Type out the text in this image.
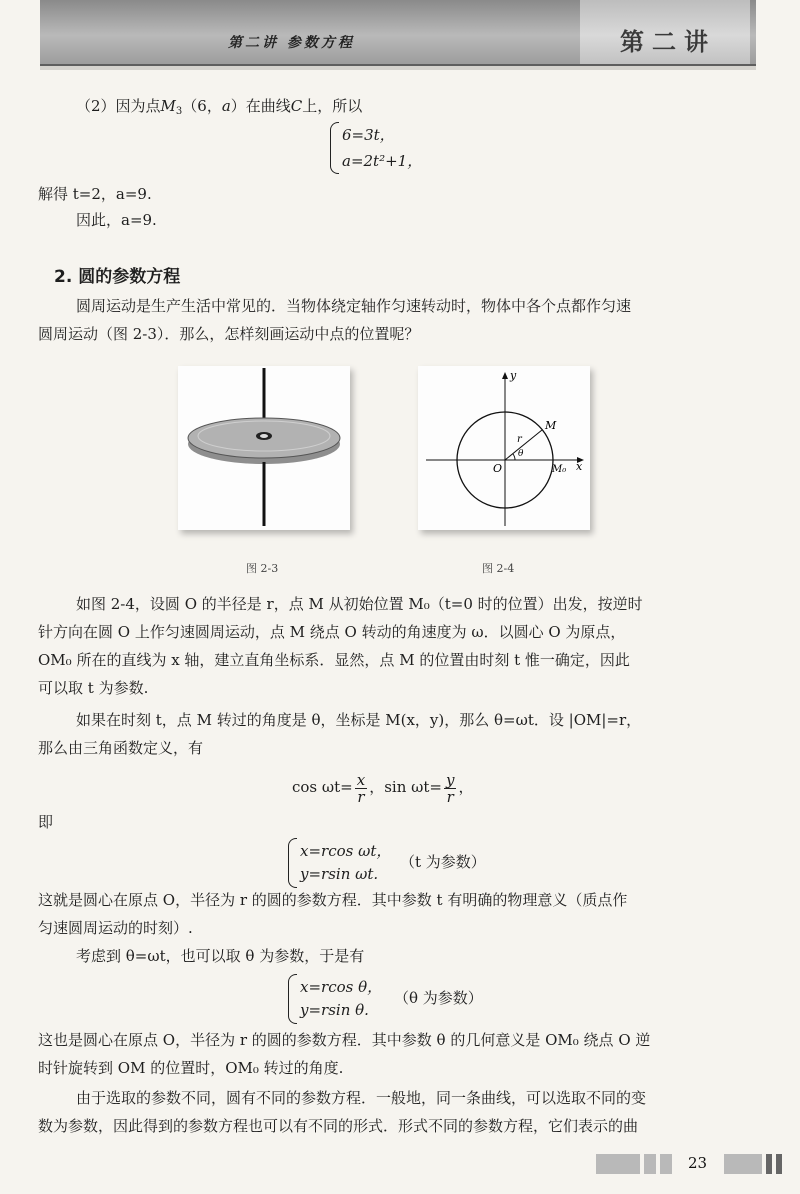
第二讲 参数方程	第二讲
（2）因为点$M_3(6$，a）在曲线C上，所以
6=3t，
a=2t²+1，
解得 t=2，a=9.
因此，a=9.
2. 圆的参数方程
圆周运动是生产生活中常见的．当物体绕定轴作匀速转动时，物体中各个点都作匀速
圆周运动（图 2-3）．那么，怎样刻画运动中点的位置呢？
图 2-3
y
x
O
M
M₀
r
θ
图 2-4
如图 2-4，设圆 O 的半径是 r，点 M 从初始位置 M₀（t=0 时的位置）出发，按逆时
针方向在圆 O 上作匀速圆周运动，点 M 绕点 O 转动的角速度为 ω．以圆心 O 为原点，
OM₀ 所在的直线为 x 轴，建立直角坐标系．显然，点 M 的位置由时刻 t 惟一确定，因此
可以取 t 为参数.
如果在时刻 t，点 M 转过的角度是 θ，坐标是 M(x，y)，那么 θ=ωt．设 |OM|=r，
那么由三角函数定义，有
$\cos \omega t= \frac{x}{r}$ ，$\sin \omega t= \frac{y}{r}$ ，
即
x=rcos ωt，
y=rsin ωt.
（t 为参数）
这就是圆心在原点 O，半径为 r 的圆的参数方程．其中参数 t 有明确的物理意义（质点作
匀速圆周运动的时刻）.
考虑到 θ=ωt，也可以取 θ 为参数，于是有
x=rcos θ，
y=rsin θ.
（θ 为参数）
这也是圆心在原点 O，半径为 r 的圆的参数方程．其中参数 θ 的几何意义是 OM₀ 绕点 O 逆
时针旋转到 OM 的位置时，OM₀ 转过的角度.
由于选取的参数不同，圆有不同的参数方程．一般地，同一条曲线，可以选取不同的变
数为参数，因此得到的参数方程也可以有不同的形式．形式不同的参数方程，它们表示的曲
23
